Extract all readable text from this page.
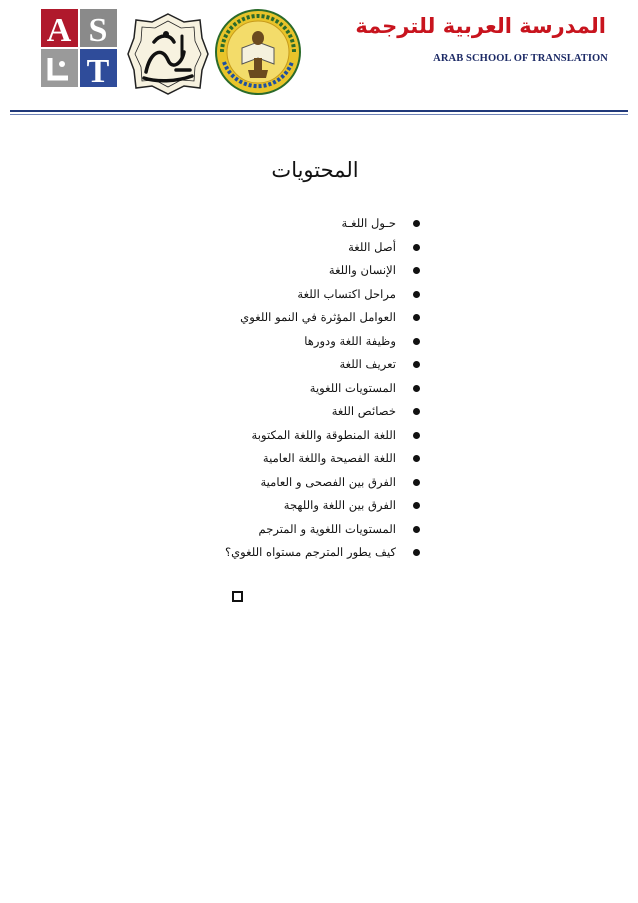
A S
T
المدرسة العربية للترجمة
ARAB SCHOOL OF TRANSLATION
المحتويات
حـول اللغـة
أصل اللغة
الإنسان واللغة
مراحل اكتساب اللغة
العوامل المؤثرة في النمو اللغوي
وظيفة اللغة ودورها
تعريف اللغة
المستويات اللغوية
خصائص اللغة
اللغة المنطوقة واللغة المكتوبة
اللغة الفصيحة واللغة العامية
الفرق بين الفصحى و العامية
الفرق بين اللغة واللهجة
المستويات اللغوية و المترجم
كيف يطور المترجم مستواه اللغوي؟
